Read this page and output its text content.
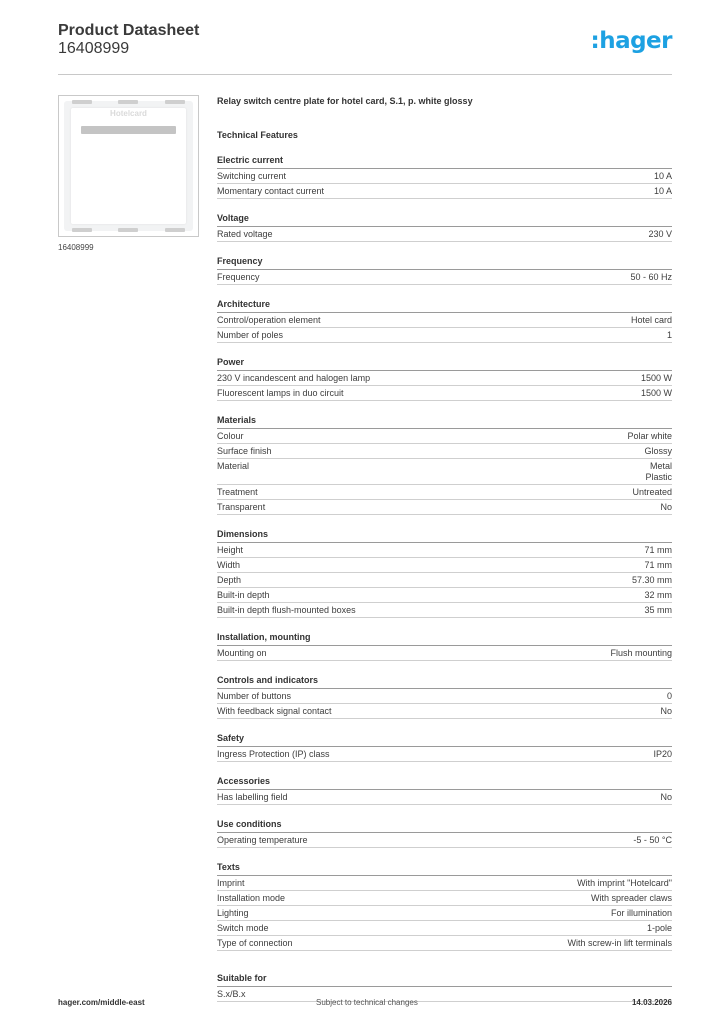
Product Datasheet
16408999	:hager
Hotelcard
16408999
Relay switch centre plate for hotel card, S.1, p. white glossy
Technical Features
Electric current
Switching current	10 A
Momentary contact current	10 A
Voltage
Rated voltage	230 V
Frequency
Frequency	50 - 60 Hz
Architecture
Control/operation element	Hotel card
Number of poles	1
Power
230 V incandescent and halogen lamp	1500 W
Fluorescent lamps in duo circuit	1500 W
Materials
Colour	Polar white
Surface finish	Glossy
Material	Metal
Plastic
Treatment	Untreated
Transparent	No
Dimensions
Height	71 mm
Width	71 mm
Depth	57.30 mm
Built-in depth	32 mm
Built-in depth flush-mounted boxes	35 mm
Installation, mounting
Mounting on	Flush mounting
Controls and indicators
Number of buttons	0
With feedback signal contact	No
Safety
Ingress Protection (IP) class	IP20
Accessories
Has labelling field	No
Use conditions
Operating temperature	-5 - 50 °C
Texts
Imprint	With imprint "Hotelcard"
Installation mode	With spreader claws
Lighting	For illumination
Switch mode	1-pole
Type of connection	With screw-in lift terminals
Suitable for
S.x/B.x
hager.com/middle-east	Subject to technical changes	14.03.2026
